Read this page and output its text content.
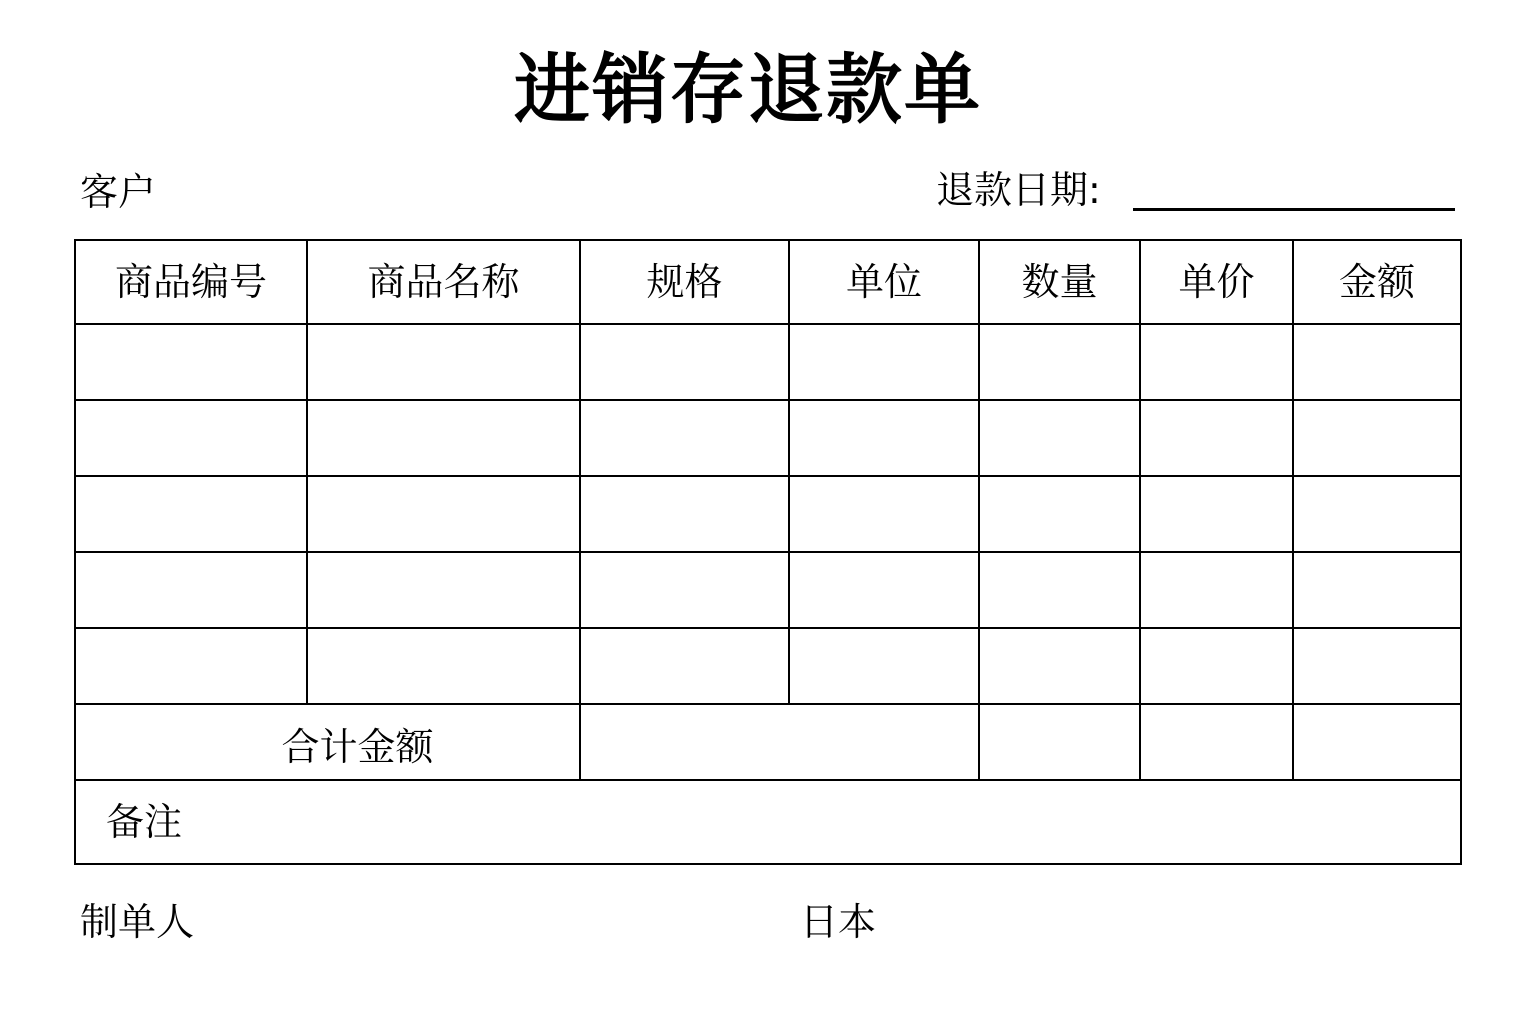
进销存退款单
客户	退款日期:
商品编号	商品名称	规格	单位	数量	单价	金额

合计金额						
备注						
制单人	日本
